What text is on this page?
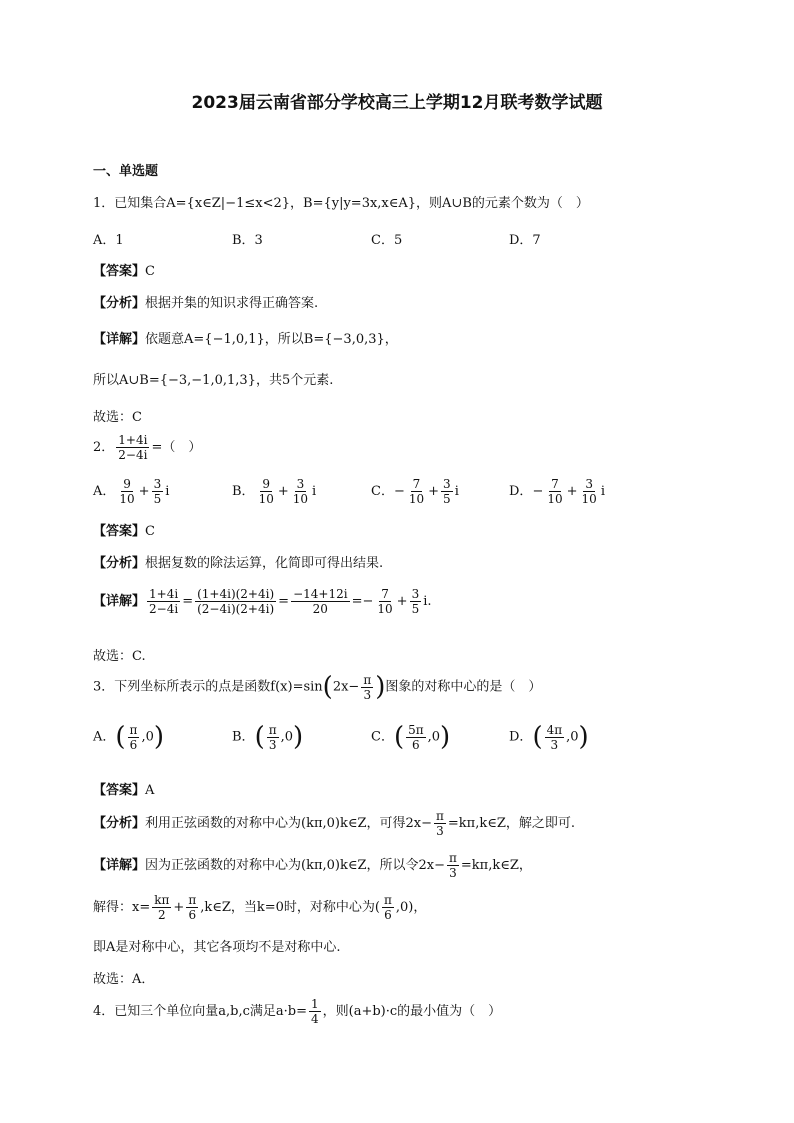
2023届云南省部分学校高三上学期12月联考数学试题
一、单选题
1．已知集合A={x∈Z|−1≤x<2}，B={y|y=3x,x∈A}，则A∪B的元素个数为（　）
A．1	B．3	C．5	D．7
【答案】C
【分析】根据并集的知识求得正确答案.
【详解】依题意A={−1,0,1}，所以B={−3,0,3}，
所以A∪B={−3,−1,0,1,3}，共5个元素.
故选：C
2． $\frac{1+4i}{2-4i}$ =（　）
A． $\frac{9}{10} + \frac{3}{5}$ i	B． $\frac{9}{10} + \frac{3}{10}$ i	C．− $\frac{7}{10} + \frac{3}{5}$ i	D．− $\frac{7}{10} + \frac{3}{10}$ i
【答案】C
【分析】根据复数的除法运算，化简即可得出结果.
【详解】 $\frac{1+4i}{2-4i} = \frac{(1+4i)(2+4i)}{(2-4i)(2+4i)} = \frac{-14+12i}{20} =- \frac{7}{10} + \frac{3}{5} i$.
故选：C.
3．下列坐标所表示的点是函数$f(x)=\sin(2x- \frac{\pi}{3}$ )图象的对称中心的是（　）
A．( $\frac{\pi}{6} ,0$)	B．( $\frac{\pi}{3} ,0$)	C．( $\frac{5\pi}{6} ,0$)	D．( $\frac{4\pi}{3} ,0$)
【答案】A
【分析】利用正弦函数的对称中心为(kπ,0)k∈Z，可得$2x- \frac{\pi}{3}$ =kπ,k∈Z，解之即可.
【详解】因为正弦函数的对称中心为(kπ,0)k∈Z，所以令$2x- \frac{\pi}{3}$ =kπ,k∈Z，
解得：$x= \frac{k\pi}{2} + \frac{\pi}{6}$ ,k∈Z，当k=0时，对称中心为( $\frac{\pi}{6} ,0$)，
即A是对称中心，其它各项均不是对称中心.
故选：A．
4．已知三个单位向量a,b,c满足$a\cdot b= \frac{1}{4}$ ，则(a+b)·c的最小值为（　）
